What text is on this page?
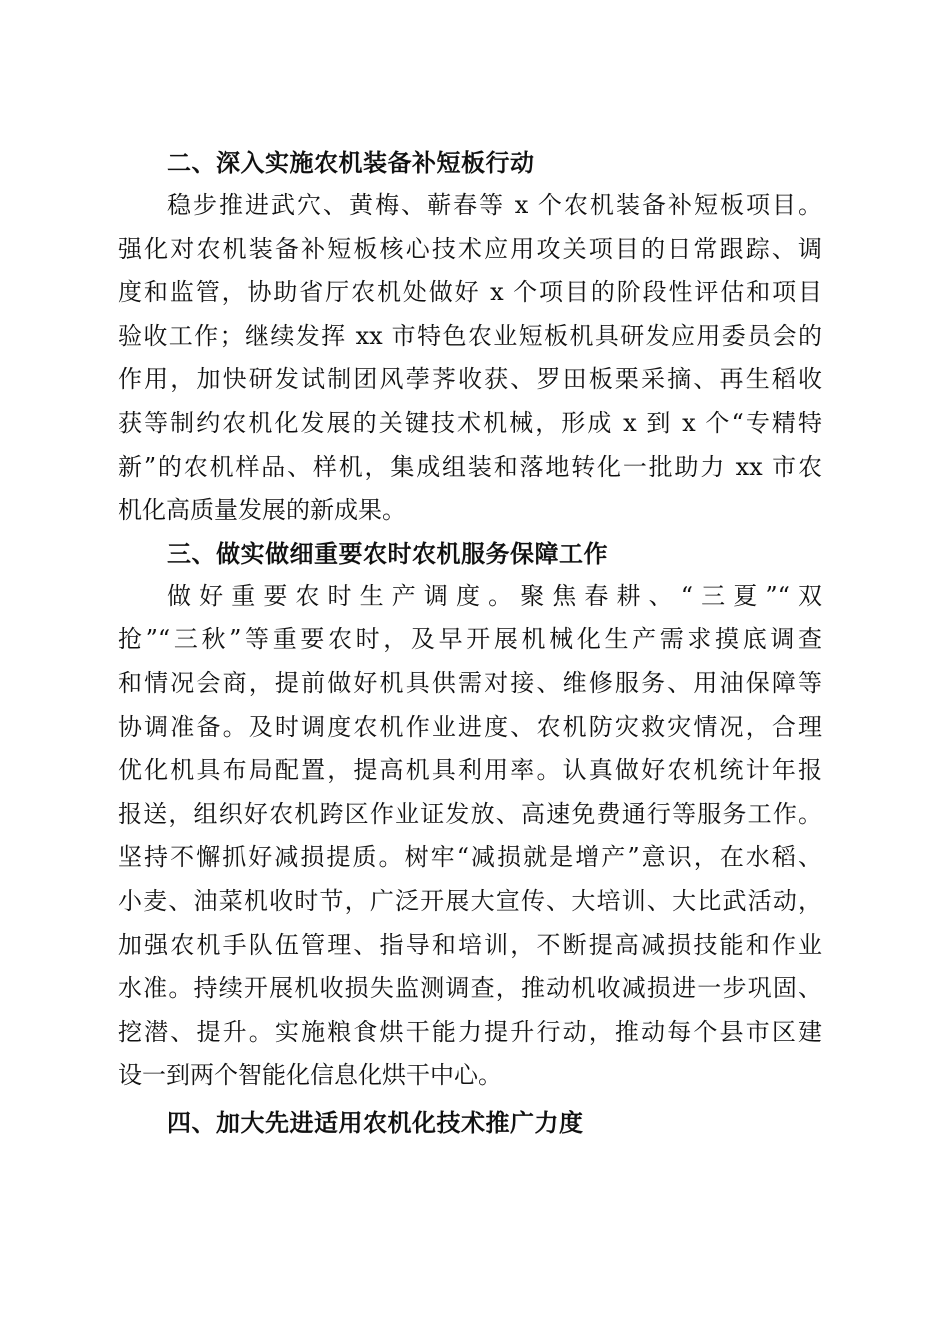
二、深入实施农机装备补短板行动
稳步推进武穴、黄梅、蕲春等 x 个农机装备补短板项目。
强化对农机装备补短板核心技术应用攻关项目的日常跟踪、调
度和监管，协助省厅农机处做好 x 个项目的阶段性评估和项目
验收工作；继续发挥 xx 市特色农业短板机具研发应用委员会的
作用，加快研发试制团风荸荠收获、罗田板栗采摘、再生稻收
获等制约农机化发展的关键技术机械，形成 x 到 x 个“专精特
新”的农机样品、样机，集成组装和落地转化一批助力 xx 市农
机化高质量发展的新成果。
三、做实做细重要农时农机服务保障工作
做好重要农时生产调度。聚焦春耕、“三夏”“双
抢”“三秋”等重要农时，及早开展机械化生产需求摸底调查
和情况会商，提前做好机具供需对接、维修服务、用油保障等
协调准备。及时调度农机作业进度、农机防灾救灾情况，合理
优化机具布局配置，提高机具利用率。认真做好农机统计年报
报送，组织好农机跨区作业证发放、高速免费通行等服务工作。
坚持不懈抓好减损提质。树牢“减损就是增产”意识，在水稻、
小麦、油菜机收时节，广泛开展大宣传、大培训、大比武活动，
加强农机手队伍管理、指导和培训，不断提高减损技能和作业
水准。持续开展机收损失监测调查，推动机收减损进一步巩固、
挖潜、提升。实施粮食烘干能力提升行动，推动每个县市区建
设一到两个智能化信息化烘干中心。
四、加大先进适用农机化技术推广力度
